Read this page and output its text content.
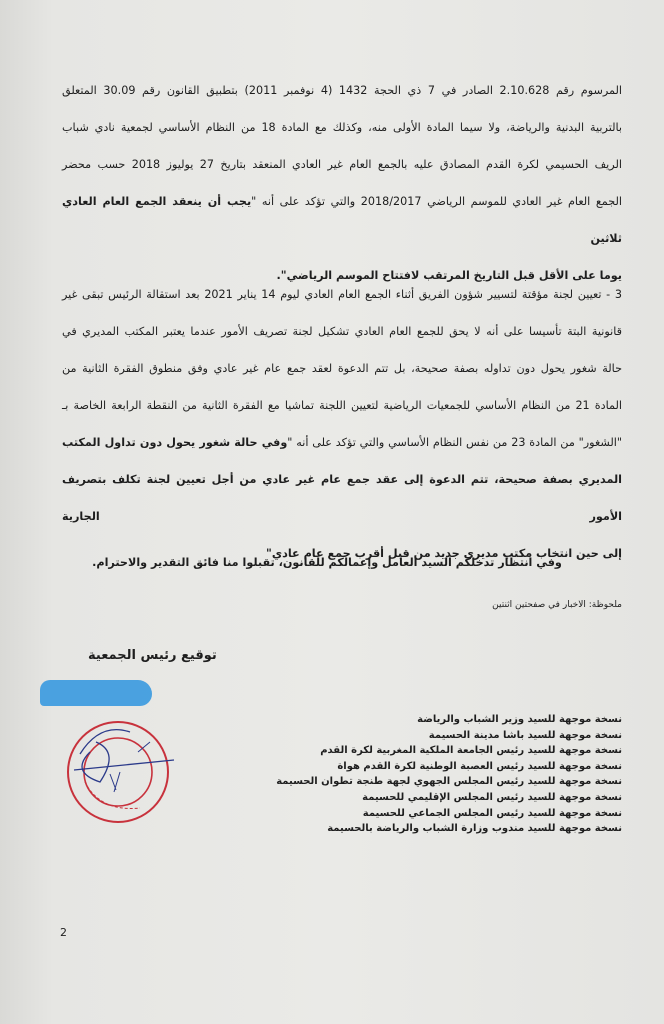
المرسوم رقم 2.10.628 الصادر في 7 ذي الحجة 1432 (4 نوفمبر 2011) بتطبيق القانون رقم 30.09 المتعلق
بالتربية البدنية والرياضة، ولا سيما المادة الأولى منه، وكذلك مع المادة 18 من النظام الأساسي لجمعية نادي شباب
الريف الحسيمي لكرة القدم المصادق عليه بالجمع العام غير العادي المنعقد بتاريخ 27 يوليوز 2018 حسب محضر
الجمع العام غير العادي للموسم الرياضي 2018/2017 والتي تؤكد على أنه "يجب أن ينعقد الجمع العام العادي ثلاثين
يوما على الأقل قبل التاريخ المرتقب لافتتاح الموسم الرياضي".
3 - تعيين لجنة مؤقتة لتسيير شؤون الفريق أثناء الجمع العام العادي ليوم 14 يناير 2021 بعد استقالة الرئيس تبقى غير
قانونية البتة تأسيسا على أنه لا يحق للجمع العام العادي تشكيل لجنة تصريف الأمور عندما يعتبر المكتب المديري في
حالة شغور يحول دون تداوله بصفة صحيحة، بل تتم الدعوة لعقد جمع عام غير عادي وفق منطوق الفقرة الثانية من
المادة 21 من النظام الأساسي للجمعيات الرياضية لتعيين اللجنة تماشيا مع الفقرة الثانية من النقطة الرابعة الخاصة بـ
"الشغور" من المادة 23 من نفس النظام الأساسي والتي تؤكد على أنه "وفي حالة شغور يحول دون تداول المكتب
المديري بصفة صحيحة، تتم الدعوة إلى عقد جمع عام غير عادي من أجل تعيين لجنة تكلف بتصريف الأمور الجارية
إلى حين انتخاب مكتب مديري جديد من قبل أقرب جمع عام عادي"
وفي انتظار تدخلكم السيد العامل وإعمالكم للقانون، تقبلوا منا فائق التقدير والاحترام.
ملحوظة: الاخبار في صفحتين اثنتين
توقيع رئيس الجمعية
نسخة موجهة للسيد وزير الشباب والرياضة
نسخة موجهة للسيد باشا مدينة الحسيمة
نسخة موجهة للسيد رئيس الجامعة الملكية المغربية لكرة القدم
نسخة موجهة للسيد رئيس العصبة الوطنية لكرة القدم هواة
نسخة موجهة للسيد رئيس المجلس الجهوي لجهة طنجة تطوان الحسيمة
نسخة موجهة للسيد رئيس المجلس الإقليمي للحسيمة
نسخة موجهة للسيد رئيس المجلس الجماعي للحسيمة
نسخة موجهة للسيد مندوب وزارة الشباب والرياضة بالحسيمة
2
